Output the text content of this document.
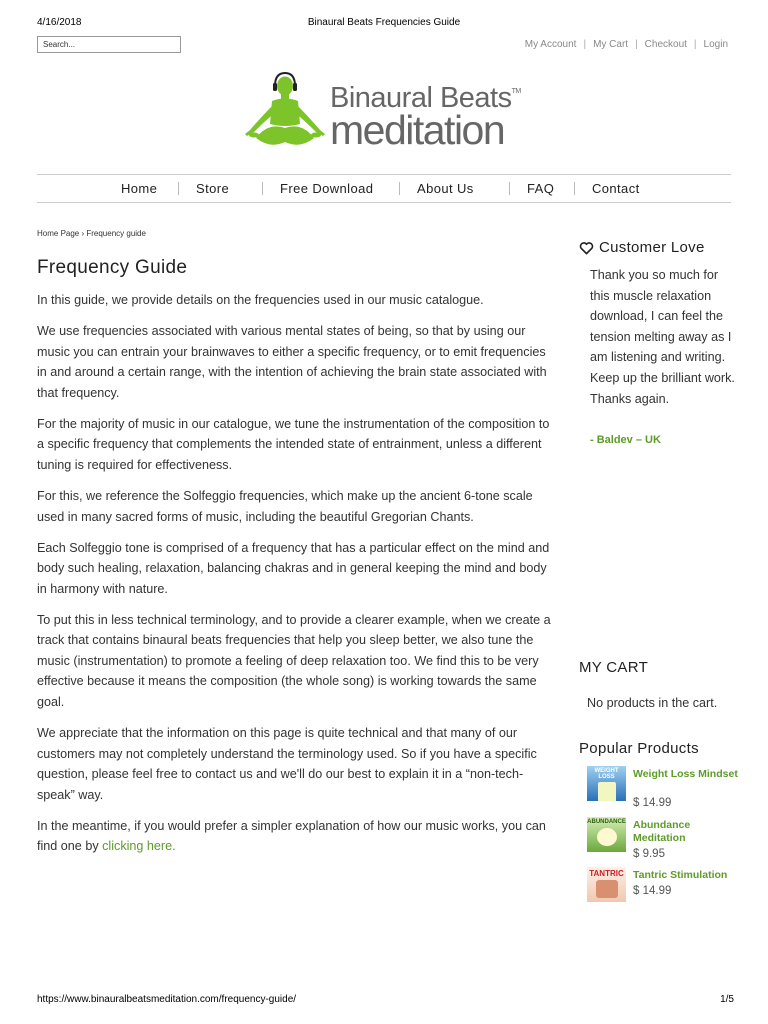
4/16/2018	Binaural Beats Frequencies Guide
Search...
My Account | My Cart | Checkout | Login
Binaural Beats™
meditation
Home	Store	Free Download	About Us	FAQ	Contact
Home Page › Frequency guide
Frequency Guide

In this guide, we provide details on the frequencies used in our music catalogue.

We use frequencies associated with various mental states of being, so that by using our music you can entrain your brainwaves to either a specific frequency, or to emit frequencies in and around a certain range, with the intention of achieving the brain state associated with that frequency.

For the majority of music in our catalogue, we tune the instrumentation of the composition to a specific frequency that complements the intended state of entrainment, unless a different tuning is required for effectiveness.

For this, we reference the Solfeggio frequencies, which make up the ancient 6-tone scale used in many sacred forms of music, including the beautiful Gregorian Chants.

Each Solfeggio tone is comprised of a frequency that has a particular effect on the mind and body such healing, relaxation, balancing chakras and in general keeping the mind and body in harmony with nature.

To put this in less technical terminology, and to provide a clearer example, when we create a track that contains binaural beats frequencies that help you sleep better, we also tune the music (instrumentation) to promote a feeling of deep relaxation too. We find this to be very effective because it means the composition (the whole song) is working towards the same goal.

We appreciate that the information on this page is quite technical and that many of our customers may not completely understand the terminology used. So if you have a specific question, please feel free to contact us and we'll do our best to explain it in a “non-tech-speak” way.

In the meantime, if you would prefer a simpler explanation of how our music works, you can find one by clicking here.

Customer Love
Thank you so much for this muscle relaxation download, I can feel the tension melting away as I am listening and writing. Keep up the brilliant work. Thanks again.
- Baldev – UK
MY CART
No products in the cart.
Popular Products
WEIGHT LOSS	Weight Loss Mindset
$ 14.99
ABUNDANCE Abundance Meditation
$ 9.95
TANTRIC Tantric Stimulation
$ 14.99
https://www.binauralbeatsmeditation.com/frequency-guide/	1/5
